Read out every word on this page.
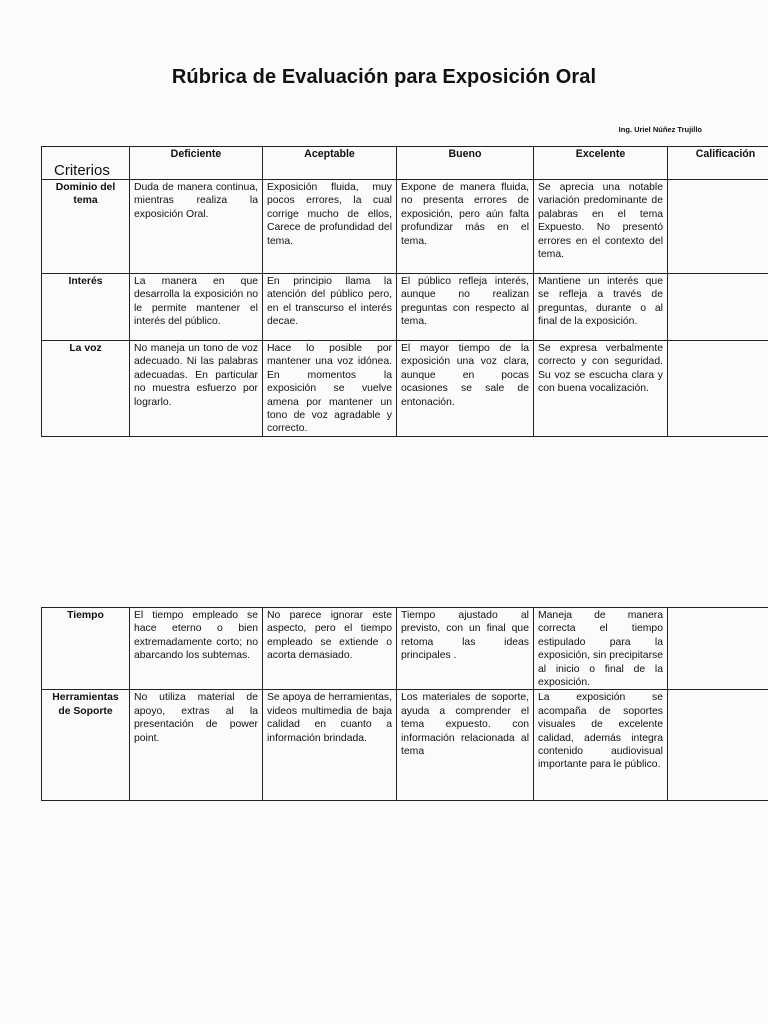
Rúbrica de Evaluación para Exposición Oral
Ing. Uriel Núñez Trujillo
Criterios	Deficiente	Aceptable	Bueno	Excelente	Calificación
Dominio del tema	Duda de manera continua, mientras realiza la exposición Oral.	Exposición fluida, muy pocos errores, la cual corrige mucho de ellos, Carece de profundidad del tema.	Expone de manera fluida, no presenta errores de exposición, pero aún falta profundizar más en el tema.	Se aprecia una notable variación predominante de palabras en el tema Expuesto. No presentó errores en el contexto del tema.	
Interés	La manera en que desarrolla la exposición no le permite mantener el interés del público.	En principio llama la atención del público pero, en el transcurso el interés decae.	El público refleja interés, aunque no realizan preguntas con respecto al tema.	Mantiene un interés que se refleja a través de preguntas, durante o al final de la exposición.	
La voz	No maneja un tono de voz adecuado. Ni las palabras adecuadas. En particular no muestra esfuerzo por lograrlo.	Hace lo posible por mantener una voz idónea. En momentos la exposición se vuelve amena por mantener un tono de voz agradable y correcto.	El mayor tiempo de la exposición una voz clara, aunque en pocas ocasiones se sale de entonación.	Se expresa verbalmente correcto y con seguridad. Su voz se escucha clara y con buena vocalización.	
Tiempo	El tiempo empleado se hace eterno o bien extremadamente corto; no abarcando los subtemas.	No parece ignorar este aspecto, pero el tiempo empleado se extiende o acorta demasiado.	Tiempo ajustado al previsto, con un final que retoma las ideas principales .	Maneja de manera correcta el tiempo estipulado para la exposición, sin precipitarse al inicio o final de la exposición.	
Herramientas de Soporte	No utiliza material de apoyo, extras al la presentación de power point.	Se apoya de herramientas, videos multimedia de baja calidad en cuanto a información brindada.	Los materiales de soporte, ayuda a comprender el tema expuesto. con información relacionada al tema	La exposición se acompaña de soportes visuales de excelente calidad, además integra contenido audiovisual importante para le público.	
